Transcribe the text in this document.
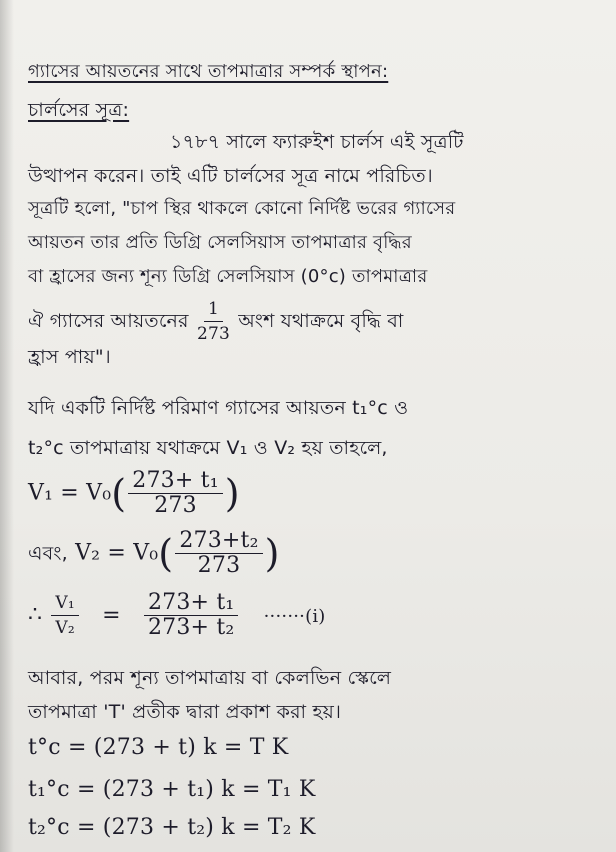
গ্যাসের আয়তনের সাথে তাপমাত্রার সম্পর্ক স্থাপন:
চার্লসের সূত্র:
১৭৮৭ সালে ফ্যারুইশ চার্লস এই সূত্রটি
উত্থাপন করেন। তাই এটি চার্লসের সূত্র নামে পরিচিত।
সূত্রটি হলো, "চাপ স্থির থাকলে কোনো নির্দিষ্ট ভরের গ্যাসের
আয়তন তার প্রতি ডিগ্রি সেলসিয়াস তাপমাত্রার বৃদ্ধির
বা হ্রাসের জন্য শূন্য ডিগ্রি সেলসিয়াস (0°c) তাপমাত্রার
ঐ গ্যাসের আয়তনের $\frac{1}{273}$ অংশ যথাক্রমে বৃদ্ধি বা
হ্রাস পায়"।
যদি একটি নির্দিষ্ট পরিমাণ গ্যাসের আয়তন t₁°c ও
t₂°c তাপমাত্রায় যথাক্রমে V₁ ও V₂ হয় তাহলে,
$V_1 = V_0( \frac{\text{273+ t₁}}{273}$ )
এবং, $V_2 = V_0( \frac{\text{273+t₂}}{273}$ )
∴ $\frac{\text{V₁}}{\text{V₂}} = \frac{\text{273+ t₁}}{\text{273+ t₂}} \cdot\cdot\cdot\cdot\cdot\cdot\cdot(i)$
আবার, পরম শূন্য তাপমাত্রায় বা কেলভিন স্কেলে
তাপমাত্রা 'T' প্রতীক দ্বারা প্রকাশ করা হয়।
t°c = (273 + t) k = T K
t₁°c = (273 + t₁) k = T₁ K
t₂°c = (273 + t₂) k = T₂ K
